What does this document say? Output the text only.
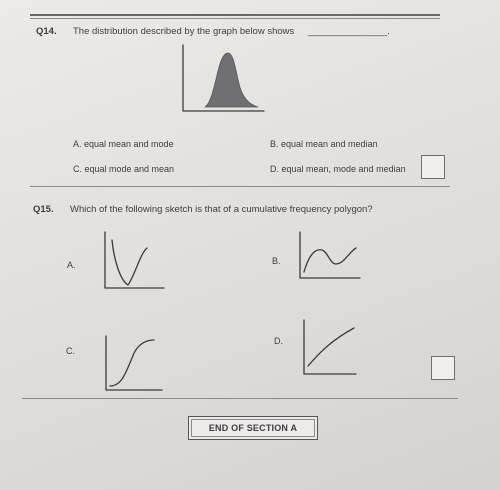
Q14. The distribution described by the graph below shows _______________.
A. equal mean and mode	B. equal mean and median
C. equal mode and mean	D. equal mean, mode and median
Q15. Which of the following sketch is that of a cumulative frequency polygon?
A.	B.
C.
D.
END OF SECTION A
